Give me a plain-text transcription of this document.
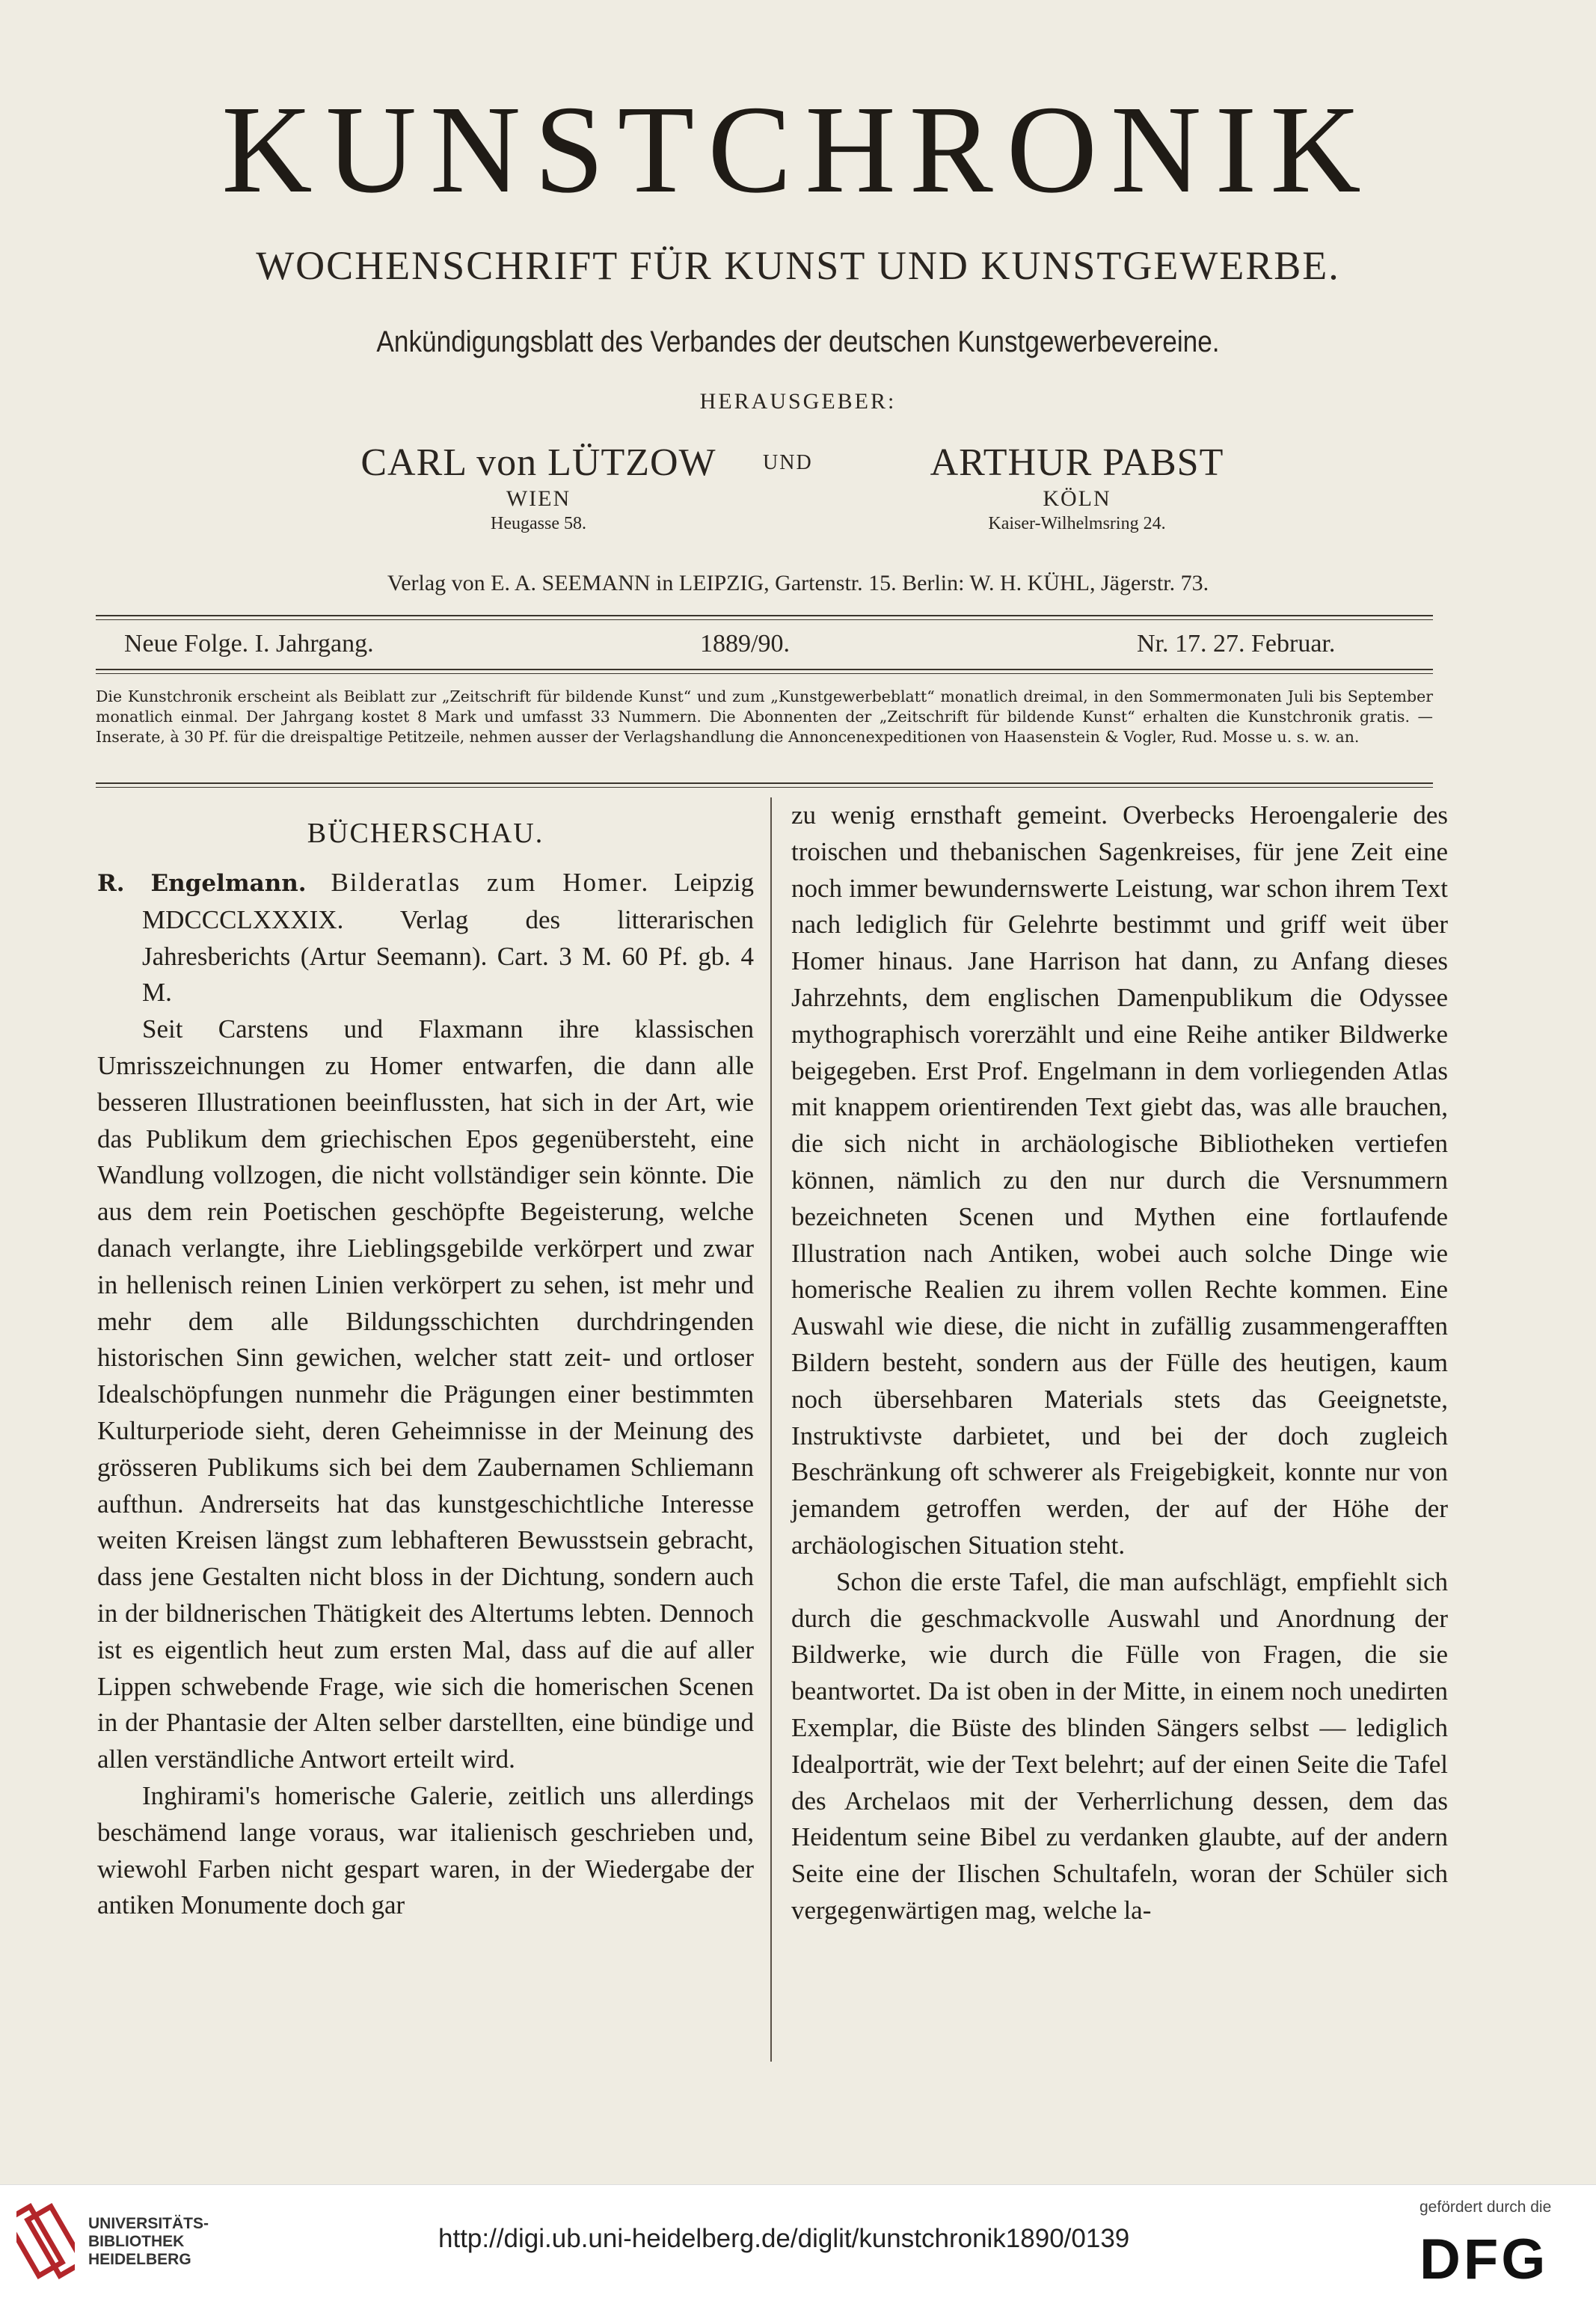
KUNSTCHRONIK
WOCHENSCHRIFT FÜR KUNST UND KUNSTGEWERBE.
Ankündigungsblatt des Verbandes der deutschen Kunstgewerbevereine.
HERAUSGEBER:
CARL von LÜTZOW
WIEN
Heugasse 58.
UND	ARTHUR PABST
KÖLN
Kaiser-Wilhelmsring 24.
Verlag von E. A. SEEMANN in LEIPZIG, Gartenstr. 15. Berlin: W. H. KÜHL, Jägerstr. 73.
Neue Folge. I. Jahrgang.	1889/90.	Nr. 17. 27. Februar.
Die Kunstchronik erscheint als Beiblatt zur „Zeitschrift für bildende Kunst“ und zum „Kunstgewerbeblatt“ monatlich dreimal, in den Sommermonaten Juli bis September monatlich einmal. Der Jahrgang kostet 8 Mark und umfasst 33 Nummern. Die Abonnenten der „Zeitschrift für bildende Kunst“ erhalten die Kunstchronik gratis. — Inserate, à 30 Pf. für die dreispaltige Petitzeile, nehmen ausser der Verlagshandlung die Annoncenexpeditionen von Haasenstein & Vogler, Rud. Mosse u. s. w. an.
BÜCHERSCHAU.

R. Engelmann. Bilderatlas zum Homer. Leipzig MDCCCLXXXIX. Verlag des litterarischen Jahresberichts (Artur Seemann). Cart. 3 M. 60 Pf. gb. 4 M.

Seit Carstens und Flaxmann ihre klassischen Umrisszeichnungen zu Homer entwarfen, die dann alle besseren Illustrationen beeinflussten, hat sich in der Art, wie das Publikum dem griechischen Epos gegenübersteht, eine Wandlung vollzogen, die nicht vollständiger sein könnte. Die aus dem rein Poetischen geschöpfte Begeisterung, welche danach verlangte, ihre Lieblingsgebilde verkörpert und zwar in hellenisch reinen Linien verkörpert zu sehen, ist mehr und mehr dem alle Bildungsschichten durchdringenden historischen Sinn gewichen, welcher statt zeit- und ortloser Idealschöpfungen nunmehr die Prägungen einer bestimmten Kulturperiode sieht, deren Geheimnisse in der Meinung des grösseren Publikums sich bei dem Zaubernamen Schliemann aufthun. Andrerseits hat das kunstgeschichtliche Interesse weiten Kreisen längst zum lebhafteren Bewusstsein gebracht, dass jene Gestalten nicht bloss in der Dichtung, sondern auch in der bildnerischen Thätigkeit des Altertums lebten. Dennoch ist es eigentlich heut zum ersten Mal, dass auf die auf aller Lippen schwebende Frage, wie sich die homerischen Scenen in der Phantasie der Alten selber darstellten, eine bündige und allen verständliche Antwort erteilt wird.

Inghirami's homerische Galerie, zeitlich uns allerdings beschämend lange voraus, war italienisch geschrieben und, wiewohl Farben nicht gespart waren, in der Wiedergabe der antiken Monumente doch gar

zu wenig ernsthaft gemeint. Overbecks Heroengalerie des troischen und thebanischen Sagenkreises, für jene Zeit eine noch immer bewundernswerte Leistung, war schon ihrem Text nach lediglich für Gelehrte bestimmt und griff weit über Homer hinaus. Jane Harrison hat dann, zu Anfang dieses Jahrzehnts, dem englischen Damenpublikum die Odyssee mythographisch vorerzählt und eine Reihe antiker Bildwerke beigegeben. Erst Prof. Engelmann in dem vorliegenden Atlas mit knappem orientirenden Text giebt das, was alle brauchen, die sich nicht in archäologische Bibliotheken vertiefen können, nämlich zu den nur durch die Versnummern bezeichneten Scenen und Mythen eine fortlaufende Illustration nach Antiken, wobei auch solche Dinge wie homerische Realien zu ihrem vollen Rechte kommen. Eine Auswahl wie diese, die nicht in zufällig zusammengerafften Bildern besteht, sondern aus der Fülle des heutigen, kaum noch übersehbaren Materials stets das Geeignetste, Instruktivste darbietet, und bei der doch zugleich Beschränkung oft schwerer als Freigebigkeit, konnte nur von jemandem getroffen werden, der auf der Höhe der archäologischen Situation steht.

Schon die erste Tafel, die man aufschlägt, empfiehlt sich durch die geschmackvolle Auswahl und Anordnung der Bildwerke, wie durch die Fülle von Fragen, die sie beantwortet. Da ist oben in der Mitte, in einem noch unedirten Exemplar, die Büste des blinden Sängers selbst — lediglich Idealporträt, wie der Text belehrt; auf der einen Seite die Tafel des Archelaos mit der Verherrlichung dessen, dem das Heidentum seine Bibel zu verdanken glaubte, auf der andern Seite eine der Ilischen Schultafeln, woran der Schüler sich vergegenwärtigen mag, welche la-

UNIVERSITÄTS-
BIBLIOTHEK
HEIDELBERG
http://digi.ub.uni-heidelberg.de/diglit/kunstchronik1890/0139
gefördert durch die
DFG
